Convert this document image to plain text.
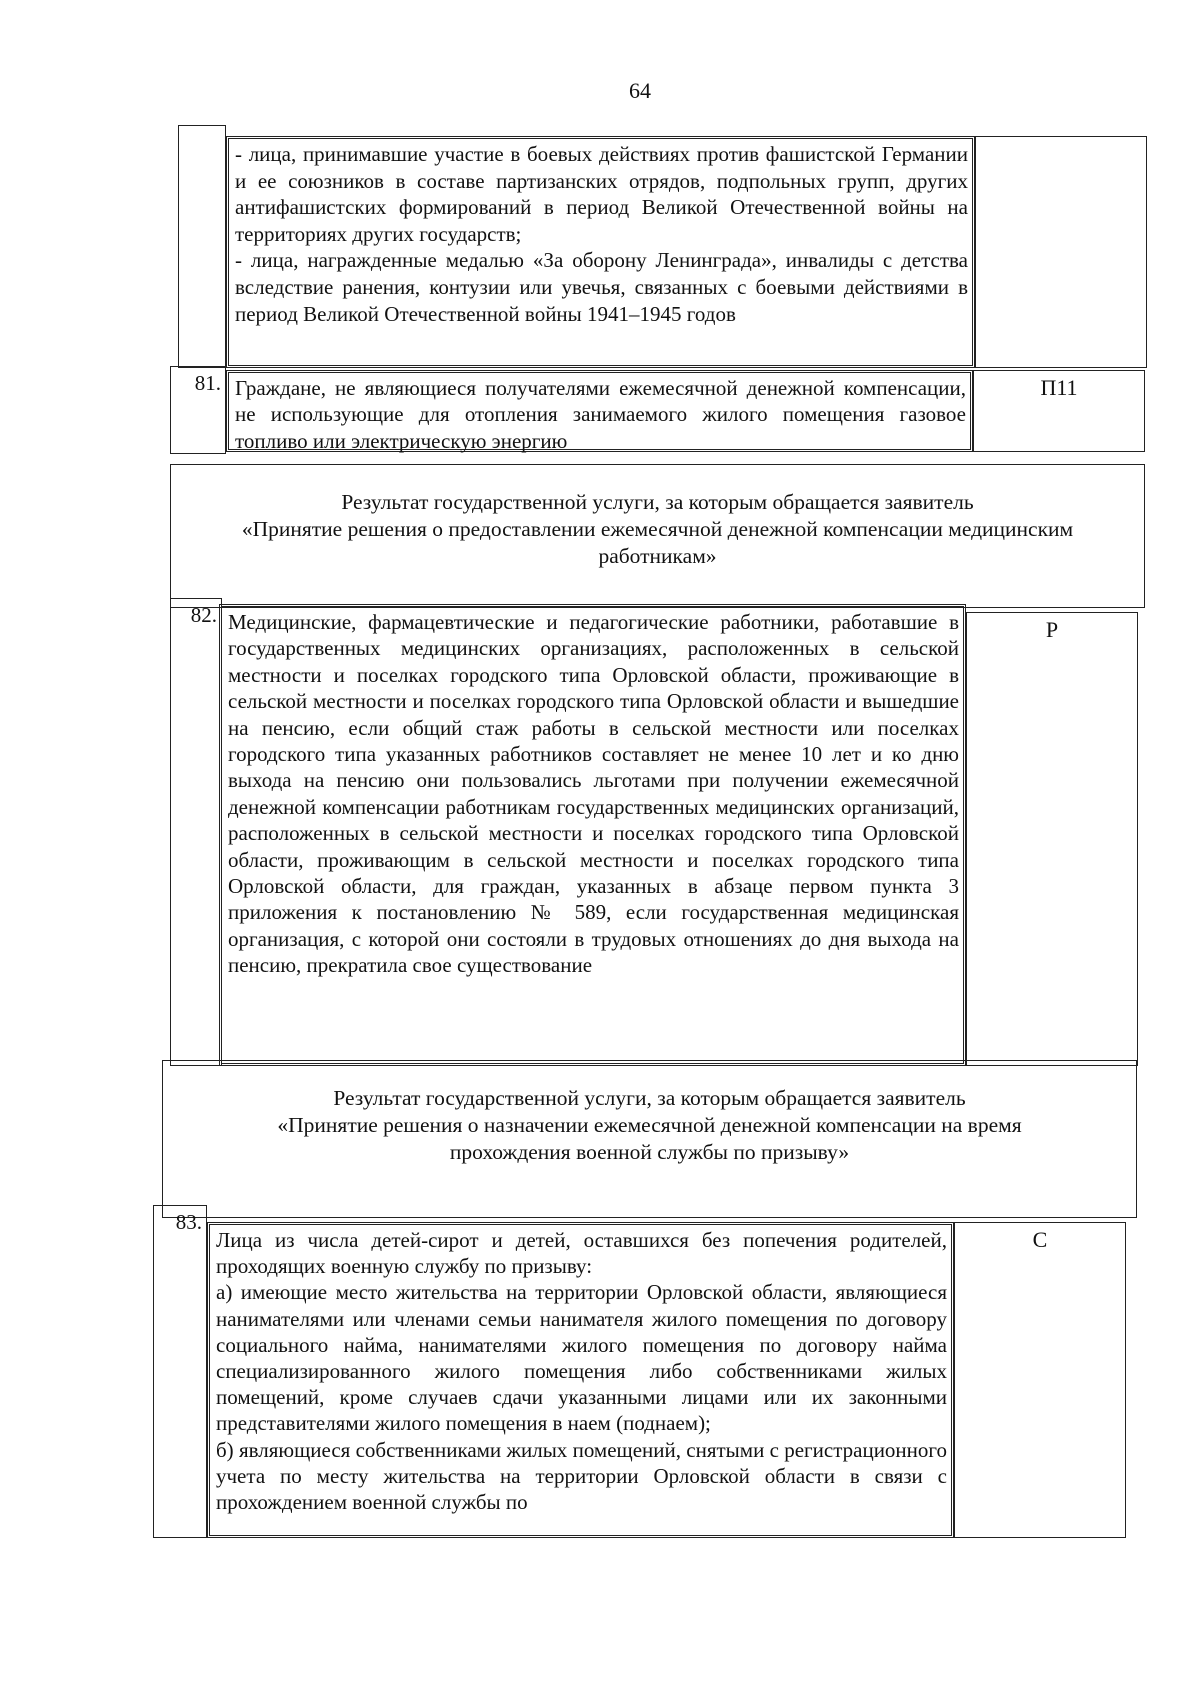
64

- лица, принимавшие участие в боевых действиях против фашистской Германии и ее союзников в составе партизанских отрядов, подпольных групп, других антифашистских формирований в период Великой Отечественной войны на территориях других государств;

- лица, награжденные медалью «За оборону Ленинграда», инвалиды с детства вследствие ранения, контузии или увечья, связанных с боевыми действиями в период Великой Отечественной войны 1941–1945 годов

81. Граждане, не являющиеся получателями ежемесячной денежной компенсации, не использующие для отопления занимаемого жилого помещения газовое топливо или электрическую энергию

П11
Результат государственной услуги, за которым обращается заявитель
«Принятие решения о предоставлении ежемесячной денежной компенсации медицинским
работникам»
82. Медицинские, фармацевтические и педагогические работники, работавшие в государственных медицинских организациях, расположенных в сельской местности и поселках городского типа Орловской области, проживающие в сельской местности и поселках городского типа Орловской области и вышедшие на пенсию, если общий стаж работы в сельской местности или поселках городского типа указанных работников составляет не менее 10 лет и ко дню выхода на пенсию они пользовались льготами при получении ежемесячной денежной компенсации работникам государственных медицинских организаций, расположенных в сельской местности и поселках городского типа Орловской области, проживающим в сельской местности и поселках городского типа Орловской области, для граждан, указанных в абзаце первом пункта 3 приложения к постановлению № 589, если государственная медицинская организация, с которой они состояли в трудовых отношениях до дня выхода на пенсию, прекратила свое существование

Р
Результат государственной услуги, за которым обращается заявитель
«Принятие решения о назначении ежемесячной денежной компенсации на время
прохождения военной службы по призыву»
83.

Лица из числа детей-сирот и детей, оставшихся без попечения родителей, проходящих военную службу по призыву:

а) имеющие место жительства на территории Орловской области, являющиеся нанимателями или членами семьи нанимателя жилого помещения по договору социального найма, нанимателями жилого помещения по договору найма специализированного жилого помещения либо собственниками жилых помещений, кроме случаев сдачи указанными лицами или их законными представителями жилого помещения в наем (поднаем);

б) являющиеся собственниками жилых помещений, снятыми с регистрационного учета по месту жительства на территории Орловской области в связи с прохождением военной службы по

С
